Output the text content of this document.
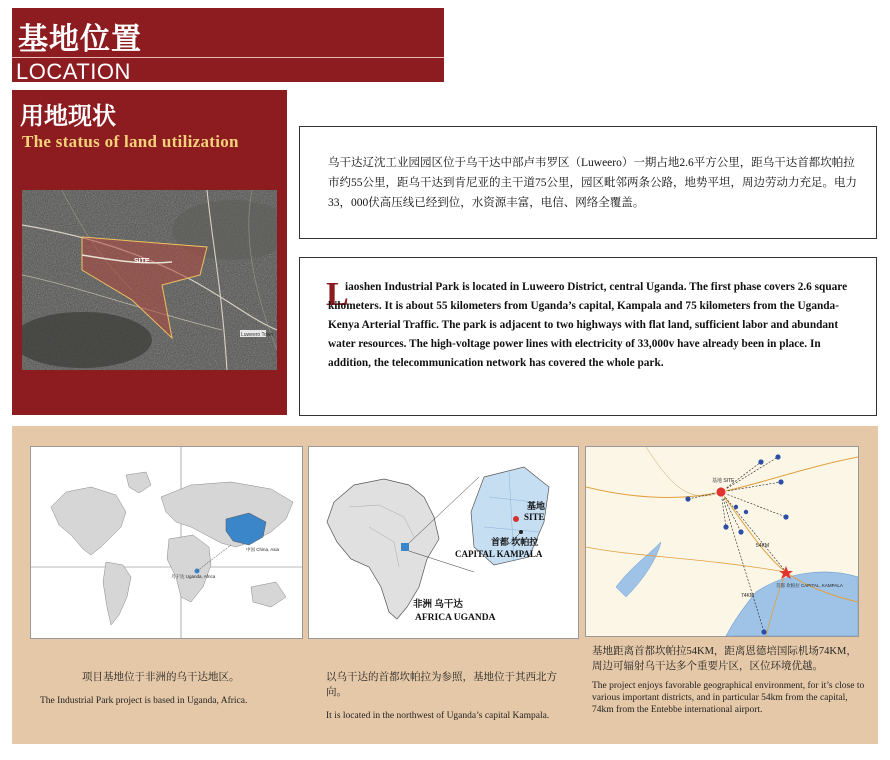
基地位置
LOCATION
用地现状
The status of land utilization
SITE
Luweero Town

乌干达辽沈工业园园区位于乌干达中部卢韦罗区（Luweero）一期占地2.6平方公里，距乌干达首都坎帕拉市约55公里，距乌干达到肯尼亚的主干道75公里，园区毗邻两条公路，地势平坦，周边劳动力充足。电力33，000伏高压线已经到位，水资源丰富，电信、网络全覆盖。

L

iaoshen Industrial Park is located in Luweero District, central Uganda. The first phase covers 2.6 square kilometers. It is about 55 kilometers from Uganda’s capital, Kampala and 75 kilometers from the Uganda-Kenya Arterial Traffic. The park is adjacent to two highways with flat land, sufficient labor and abundant water resources. The high-voltage power lines with electricity of 33,000v have already been in place. In addition, the telecommunication network has covered the whole park.

中国 China, Asia
乌干达 Uganda, Africa
基地
SITE
首都 坎帕拉
CAPITAL KAMPALA
非洲 乌干达
AFRICA UGANDA
基地 SITE
首都 坎帕拉 CAPITAL, KAMPALA
54KM
74KM
项目基地位于非洲的乌干达地区。
The Industrial Park project is based in Uganda, Africa.
以乌干达的首都坎帕拉为参照，基地位于其西北方向。
It is located in the northwest of Uganda’s capital Kampala.
基地距离首都坎帕拉54KM，距离恩德培国际机场74KM，周边可辐射乌干达多个重要片区，区位环境优越。
The project enjoys favorable geographical environment, for it’s close to various important districts, and in particular 54km from the capital, 74km from the Entebbe international airport.
